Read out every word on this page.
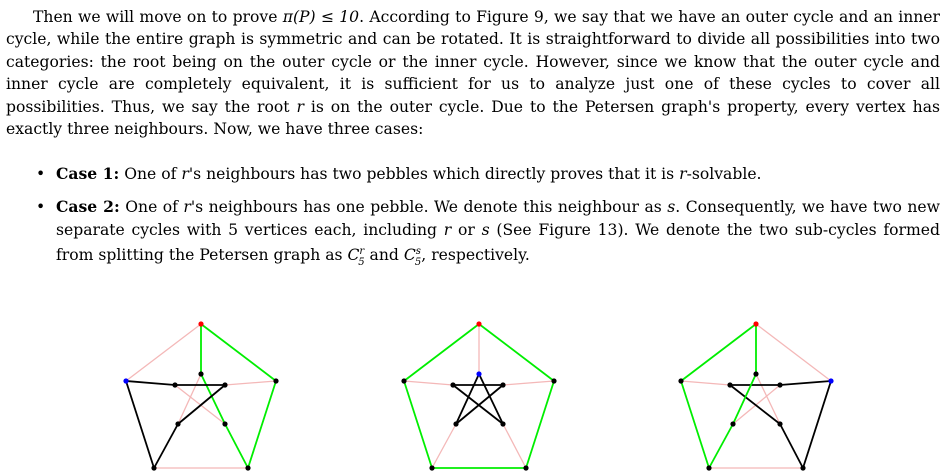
Then we will move on to prove π(P) ≤ 10. According to Figure 9, we say that we have an outer cycle and an inner cycle, while the entire graph is symmetric and can be rotated. It is straightforward to divide all possibilities into two categories: the root being on the outer cycle or the inner cycle. However, since we know that the outer cycle and inner cycle are completely equivalent, it is sufficient for us to analyze just one of these cycles to cover all possibilities. Thus, we say the root r is on the outer cycle. Due to the Petersen graph's property, every vertex has exactly three neighbours. Now, we have three cases:

• Case 1: One of r's neighbours has two pebbles which directly proves that it is r-solvable.
• Case 2: One of r's neighbours has one pebble. We denote this neighbour as s. Consequently, we have two new separate cycles with 5 vertices each, including r or s (See Figure 13). We denote the two sub-cycles formed from splitting the Petersen graph as $C^r_5$ and $C^s_5$, respectively.
